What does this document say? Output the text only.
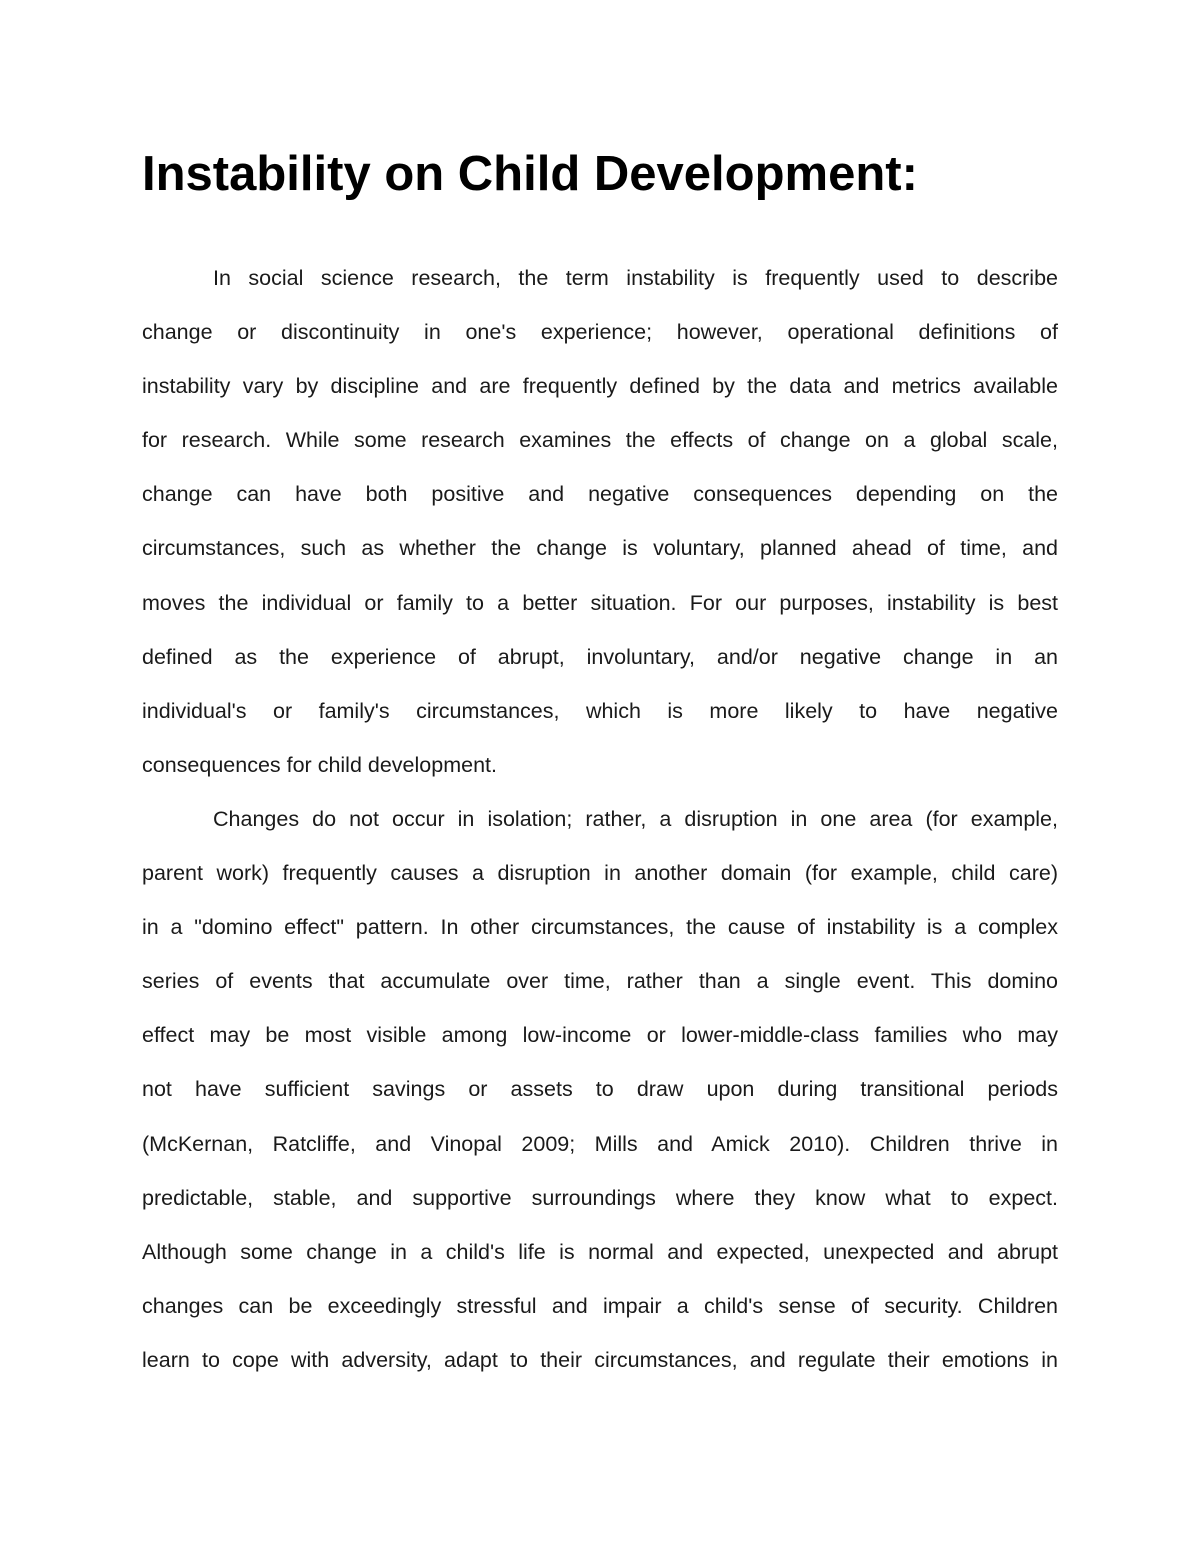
Instability on Child Development:

In social science research, the term instability is frequently used to describe
change or discontinuity in one's experience; however, operational definitions of
instability vary by discipline and are frequently defined by the data and metrics available
for research. While some research examines the effects of change on a global scale,
change can have both positive and negative consequences depending on the
circumstances, such as whether the change is voluntary, planned ahead of time, and
moves the individual or family to a better situation. For our purposes, instability is best
defined as the experience of abrupt, involuntary, and/or negative change in an
individual's or family's circumstances, which is more likely to have negative
consequences for child development.

Changes do not occur in isolation; rather, a disruption in one area (for example,
parent work) frequently causes a disruption in another domain (for example, child care)
in a "domino effect" pattern. In other circumstances, the cause of instability is a complex
series of events that accumulate over time, rather than a single event. This domino
effect may be most visible among low-income or lower-middle-class families who may
not have sufficient savings or assets to draw upon during transitional periods
(McKernan, Ratcliffe, and Vinopal 2009; Mills and Amick 2010). Children thrive in
predictable, stable, and supportive surroundings where they know what to expect.
Although some change in a child's life is normal and expected, unexpected and abrupt
changes can be exceedingly stressful and impair a child's sense of security. Children
learn to cope with adversity, adapt to their circumstances, and regulate their emotions in
